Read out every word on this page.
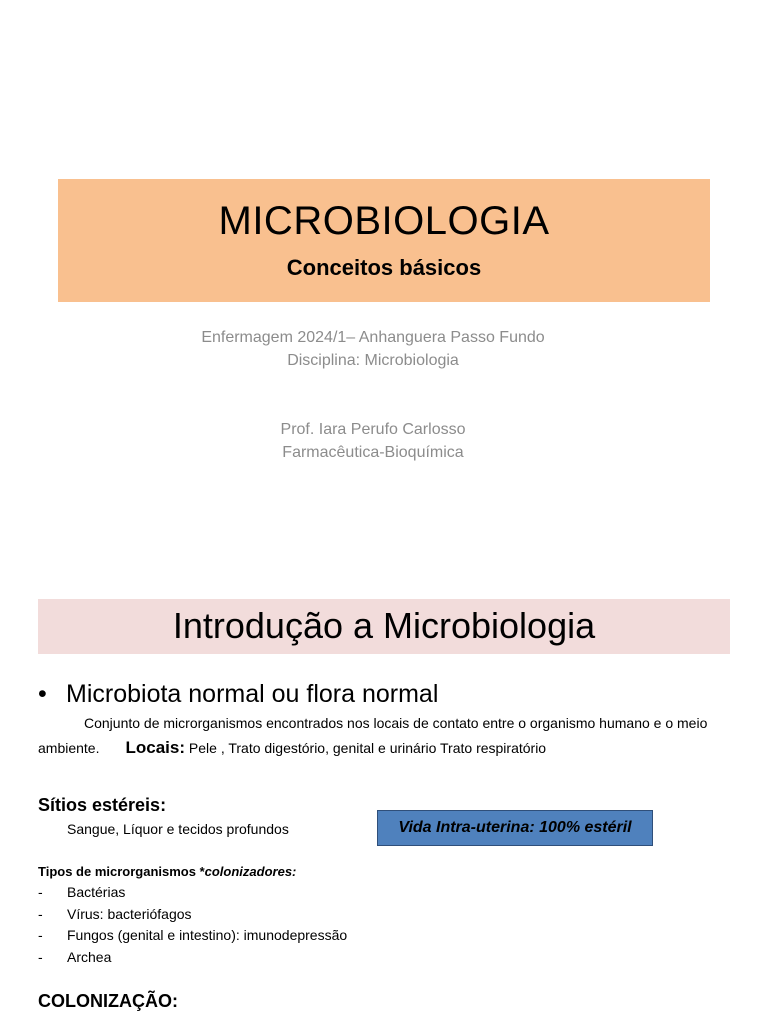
MICROBIOLOGIA
Conceitos básicos
Enfermagem 2024/1– Anhanguera Passo Fundo
Disciplina: Microbiologia
Prof. Iara Perufo Carlosso
Farmacêutica-Bioquímica
Introdução a Microbiologia
• Microbiota normal ou flora normal
Conjunto de microrganismos encontrados nos locais de contato entre o organismo humano e o meio
ambiente. Locais: Pele , Trato digestório, genital e urinário Trato respiratório
Sítios estéreis:
Sangue, Líquor e tecidos profundos	Vida Intra-uterina: 100% estéril
Tipos de microrganismos *colonizadores:
- Bactérias
- Vírus: bacteriófagos
- Fungos (genital e intestino): imunodepressão
- Archea
COLONIZAÇÃO:
